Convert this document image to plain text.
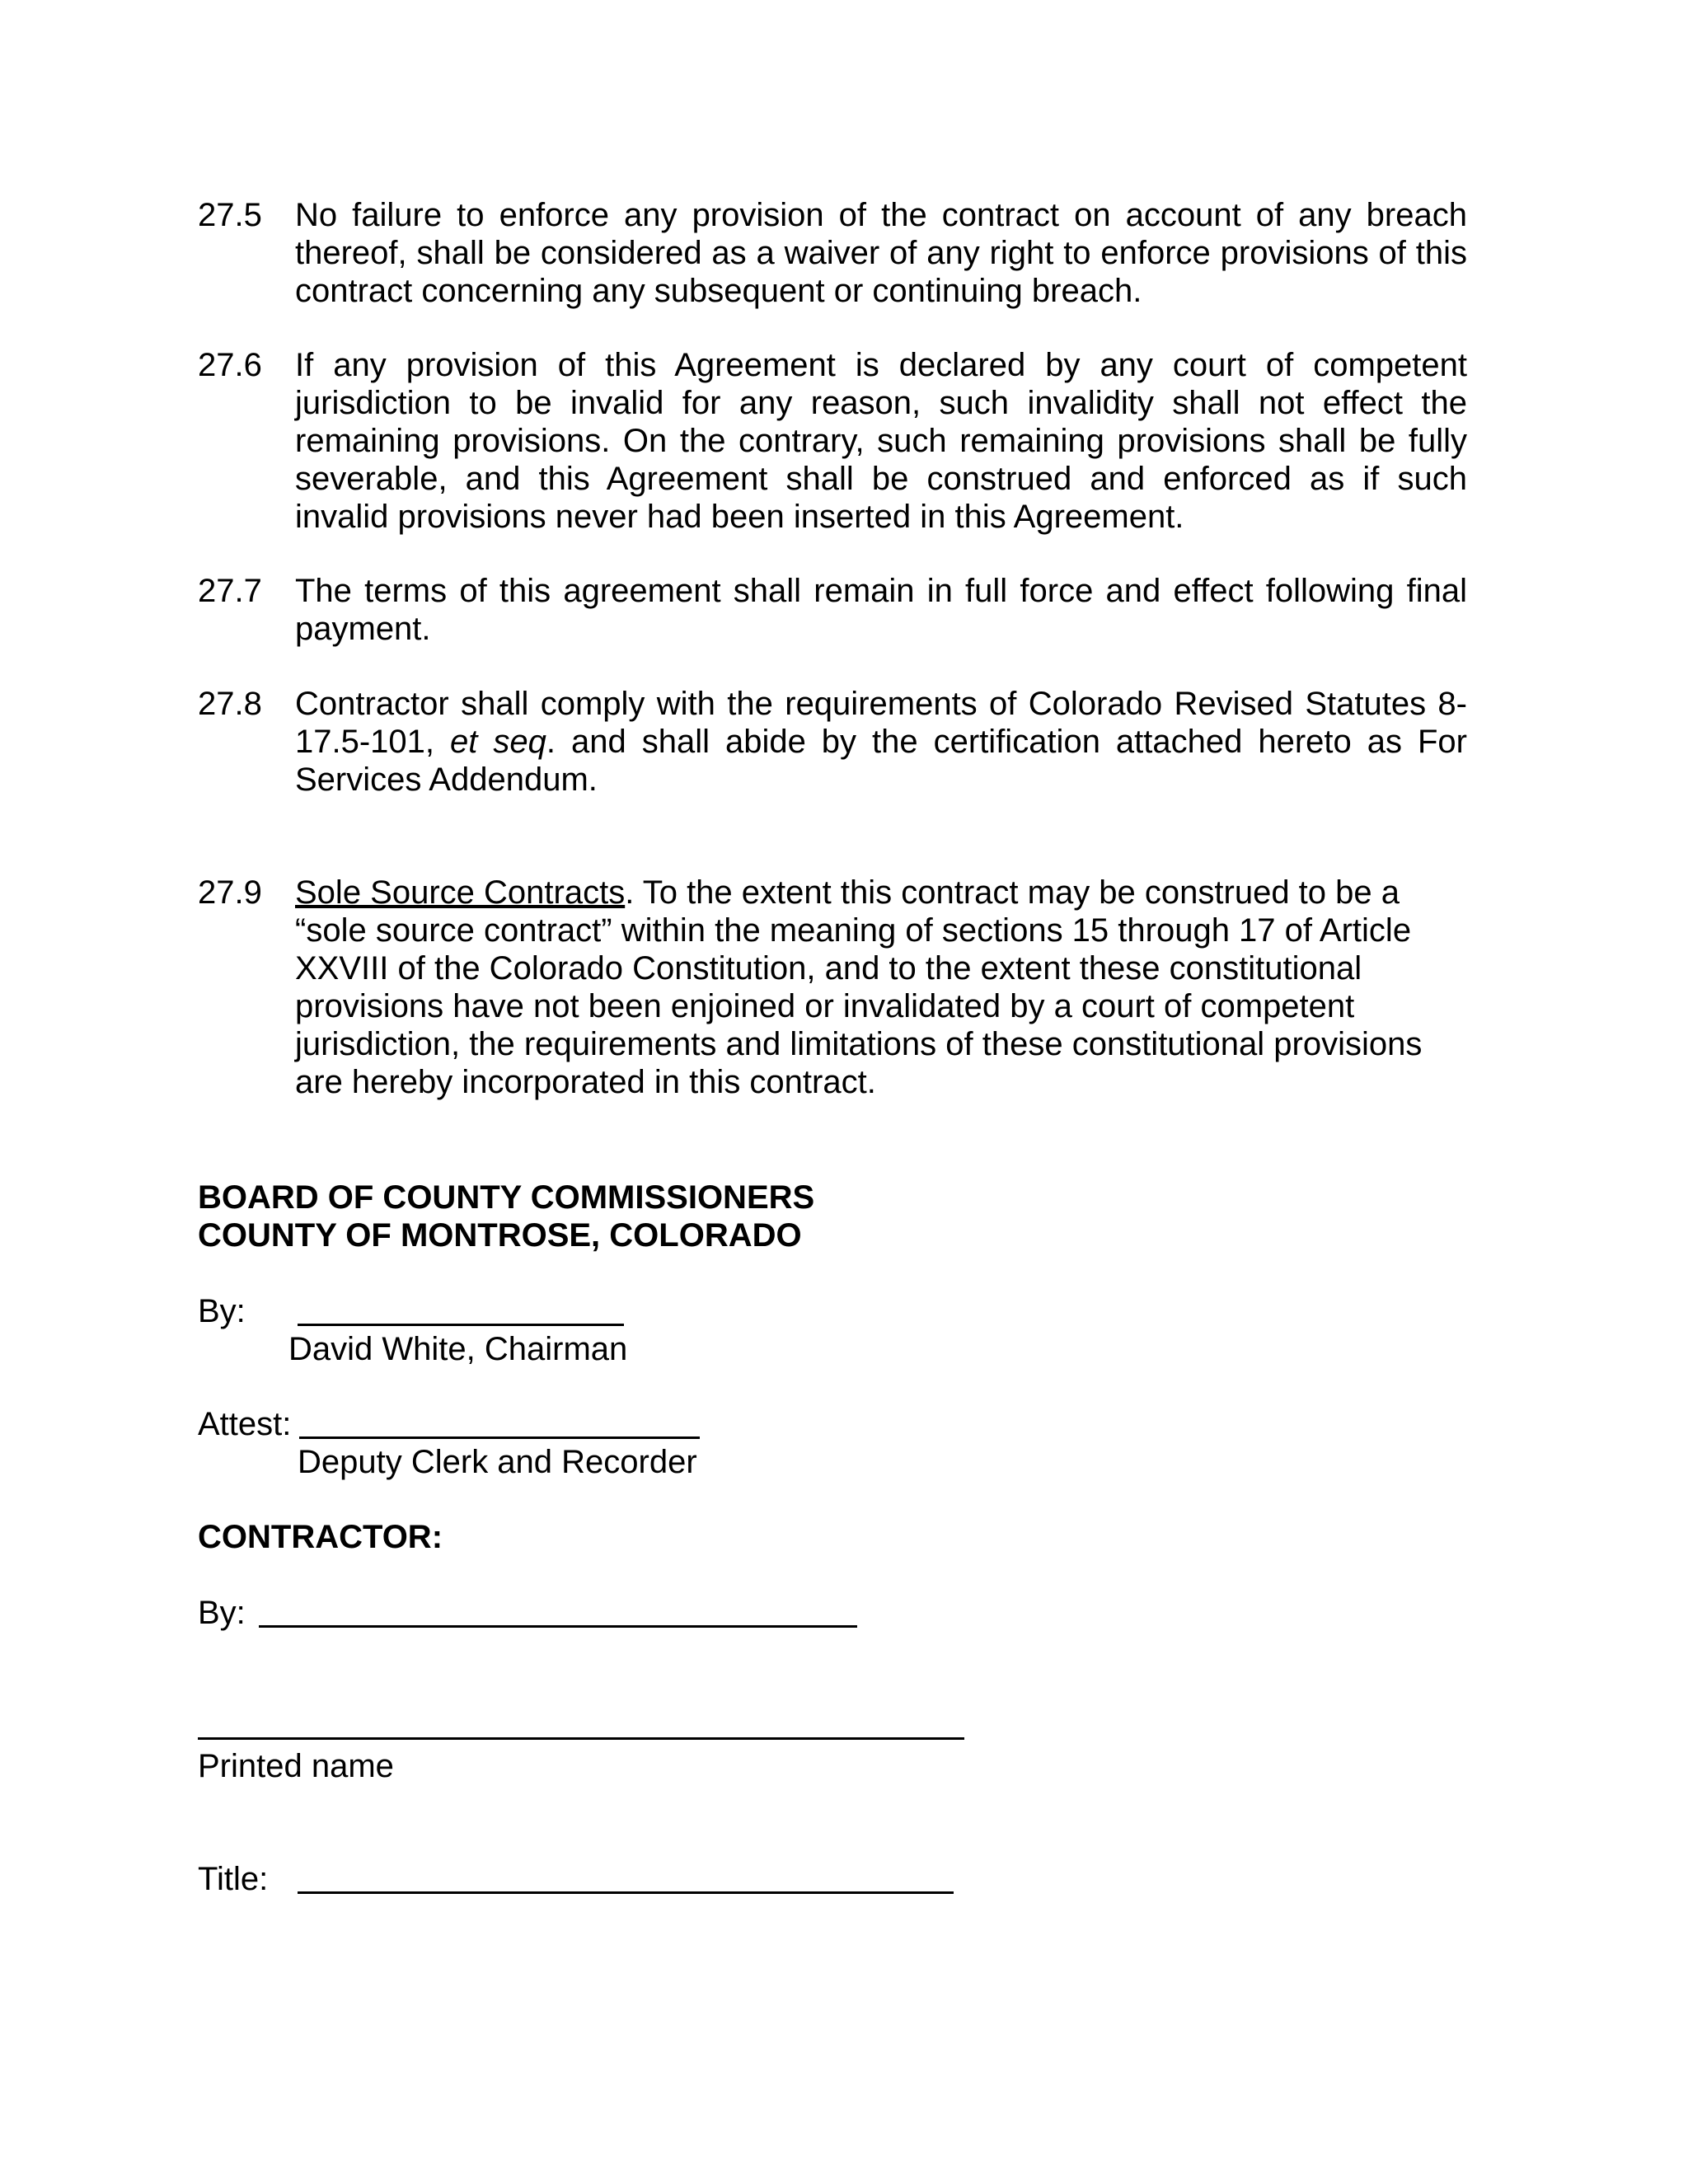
27.5 No failure to enforce any provision of the contract on account of any breach thereof, shall be considered as a waiver of any right to enforce provisions of this contract concerning any subsequent or continuing breach.
27.6 If any provision of this Agreement is declared by any court of competent jurisdiction to be invalid for any reason, such invalidity shall not effect the remaining provisions. On the contrary, such remaining provisions shall be fully severable, and this Agreement shall be construed and enforced as if such invalid provisions never had been inserted in this Agreement.
27.7 The terms of this agreement shall remain in full force and effect following final payment.
27.8 Contractor shall comply with the requirements of Colorado Revised Statutes 8-17.5-101, et seq. and shall abide by the certification attached hereto as For Services Addendum.
27.9 Sole Source Contracts. To the extent this contract may be construed to be a “sole source contract” within the meaning of sections 15 through 17 of Article XXVIII of the Colorado Constitution, and to the extent these constitutional provisions have not been enjoined or invalidated by a court of competent jurisdiction, the requirements and limitations of these constitutional provisions are hereby incorporated in this contract.
BOARD OF COUNTY COMMISSIONERS
COUNTY OF MONTROSE, COLORADO
By:
David White, Chairman
Attest:
Deputy Clerk and Recorder
CONTRACTOR:
By:
Printed name
Title:
